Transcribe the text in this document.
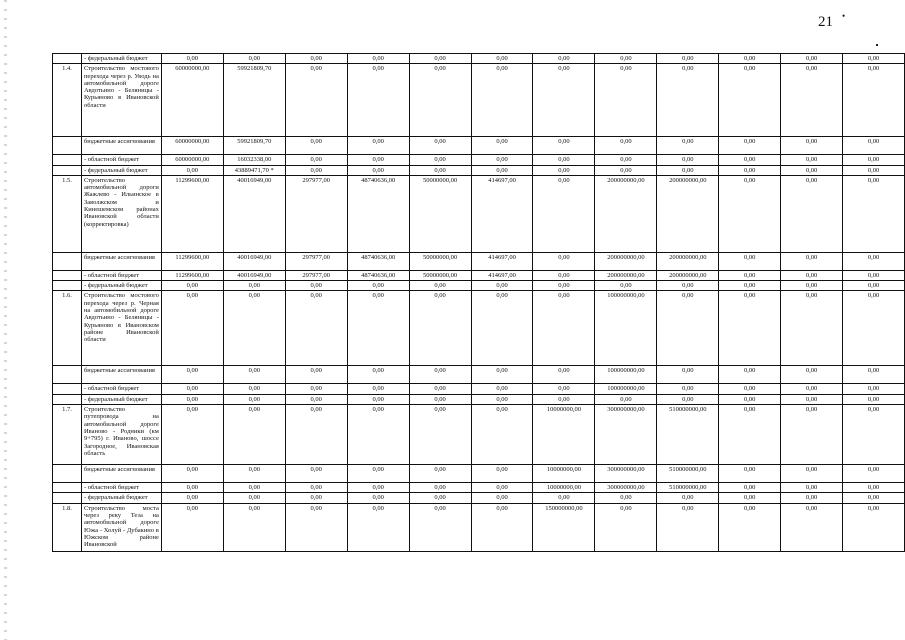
21 •
	- федеральный бюджет	0,00	0,00	0,00	0,00	0,00	0,00	0,00	0,00	0,00	0,00	0,00	0,00
1.4.	Строительство мостового перехода через р. Уводь на автомобильной дороге Авдотьино - Беляницы - Курьяново в Ивановской области	60000000,00	59921809,70	0,00	0,00	0,00	0,00	0,00	0,00	0,00	0,00	0,00	0,00
	бюджетные ассигнования	60000000,00	59921809,70	0,00	0,00	0,00	0,00	0,00	0,00	0,00	0,00	0,00	0,00
	- областной бюджет	60000000,00	16032338,00	0,00	0,00	0,00	0,00	0,00	0,00	0,00	0,00	0,00	0,00
	- федеральный бюджет	0,00	43889471,70 *	0,00	0,00	0,00	0,00	0,00	0,00	0,00	0,00	0,00	0,00
1.5.	Строительство автомобильной дороги Жажлево - Ильинское в Заволжском и Кинешемском районах Ивановской области (корректировка)	11299600,00	40016949,00	297977,00	48740636,00	50000000,00	414697,00	0,00	200000000,00	200000000,00	0,00	0,00	0,00
	бюджетные ассигнования	11299600,00	40016949,00	297977,00	48740636,00	50000000,00	414697,00	0,00	200000000,00	200000000,00	0,00	0,00	0,00
	- областной бюджет	11299600,00	40016949,00	297977,00	48740636,00	50000000,00	414697,00	0,00	200000000,00	200000000,00	0,00	0,00	0,00
	- федеральный бюджет	0,00	0,00	0,00	0,00	0,00	0,00	0,00	0,00	0,00	0,00	0,00	0,00
1.6.	Строительство мостового перехода через р. Черная на автомобильной дороге Авдотьино - Беляницы - Курьяново в Ивановском районе Ивановской области	0,00	0,00	0,00	0,00	0,00	0,00	0,00	100000000,00	0,00	0,00	0,00	0,00
	бюджетные ассигнования	0,00	0,00	0,00	0,00	0,00	0,00	0,00	100000000,00	0,00	0,00	0,00	0,00
	- областной бюджет	0,00	0,00	0,00	0,00	0,00	0,00	0,00	100000000,00	0,00	0,00	0,00	0,00
	- федеральный бюджет	0,00	0,00	0,00	0,00	0,00	0,00	0,00	0,00	0,00	0,00	0,00	0,00
1.7.	Строительство путепровода на автомобильной дороге Иваново - Родники (км 9+795) г. Иваново, шоссе Загородное, Ивановская область	0,00	0,00	0,00	0,00	0,00	0,00	10000000,00	300000000,00	510000000,00	0,00	0,00	0,00
	бюджетные ассигнования	0,00	0,00	0,00	0,00	0,00	0,00	10000000,00	300000000,00	510000000,00	0,00	0,00	0,00
	- областной бюджет	0,00	0,00	0,00	0,00	0,00	0,00	10000000,00	300000000,00	510000000,00	0,00	0,00	0,00
	- федеральный бюджет	0,00	0,00	0,00	0,00	0,00	0,00	0,00	0,00	0,00	0,00	0,00	0,00
1.8.	Строительство моста через реку Теза на автомобильной дороге Южа - Холуй - Дубакино в Южском районе Ивановской	0,00	0,00	0,00	0,00	0,00	0,00	150000000,00	0,00	0,00	0,00	0,00	0,00
